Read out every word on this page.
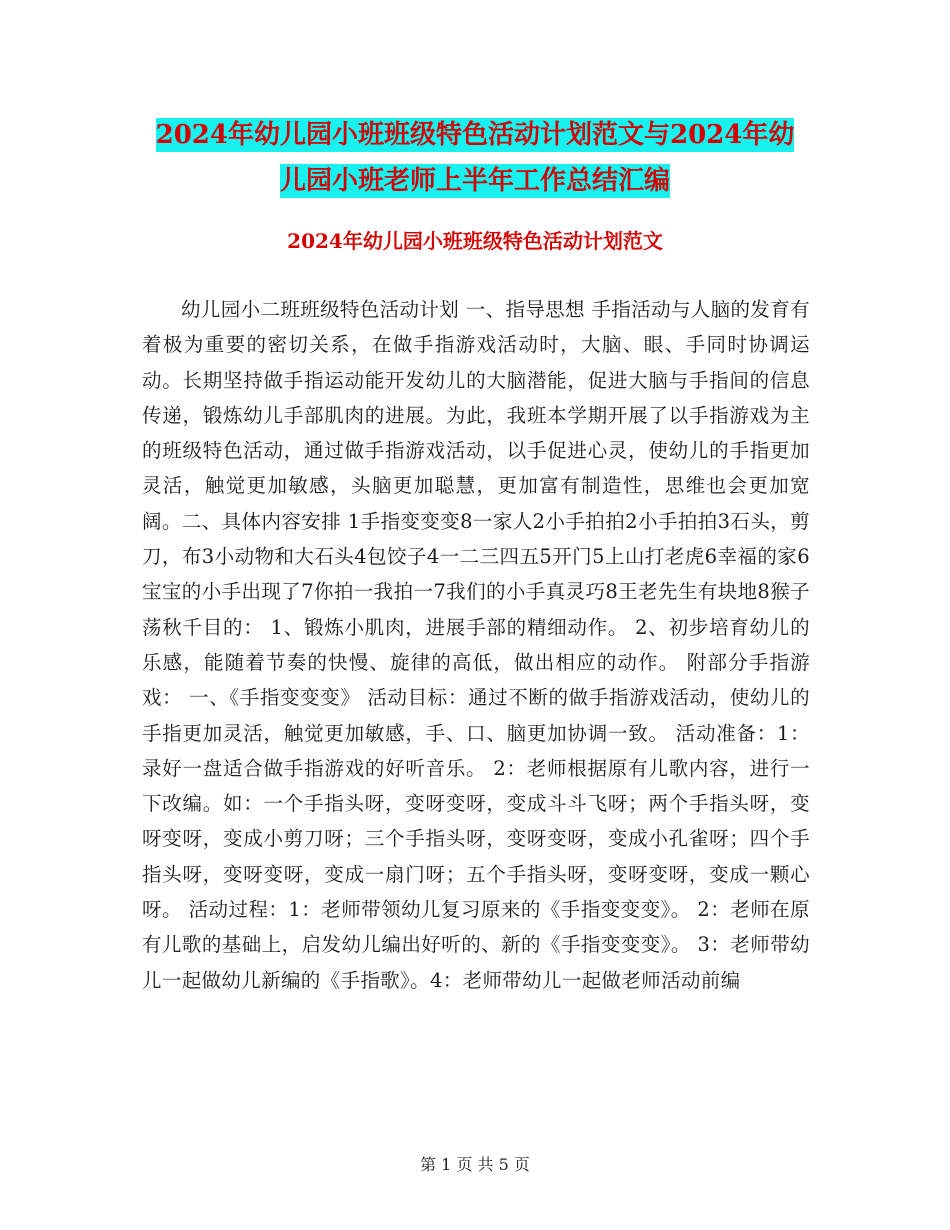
2024年幼儿园小班班级特色活动计划范文与2024年幼
儿园小班老师上半年工作总结汇编
2024年幼儿园小班班级特色活动计划范文

幼儿园小二班班级特色活动计划 一、指导思想 手指活动与人脑的发育有着极为重要的密切关系，在做手指游戏活动时，大脑、眼、手同时协调运动。长期坚持做手指运动能开发幼儿的大脑潜能，促进大脑与手指间的信息传递，锻炼幼儿手部肌肉的进展。为此，我班本学期开展了以手指游戏为主的班级特色活动，通过做手指游戏活动，以手促进心灵，使幼儿的手指更加灵活，触觉更加敏感，头脑更加聪慧，更加富有制造性，思维也会更加宽阔。二、具体内容安排 1手指变变变8一家人2小手拍拍2小手拍拍3石头，剪刀，布3小动物和大石头4包饺子4一二三四五5开门5上山打老虎6幸福的家6宝宝的小手出现了7你拍一我拍一7我们的小手真灵巧8王老先生有块地8猴子荡秋千目的： 1、锻炼小肌肉，进展手部的精细动作。 2、初步培育幼儿的乐感，能随着节奏的快慢、旋律的高低，做出相应的动作。 附部分手指游戏： 一、《手指变变变》 活动目标：通过不断的做手指游戏活动，使幼儿的手指更加灵活，触觉更加敏感，手、口、脑更加协调一致。 活动准备：1：录好一盘适合做手指游戏的好听音乐。 2：老师根据原有儿歌内容，进行一下改编。如：一个手指头呀，变呀变呀，变成斗斗飞呀；两个手指头呀，变呀变呀，变成小剪刀呀；三个手指头呀，变呀变呀，变成小孔雀呀；四个手指头呀，变呀变呀，变成一扇门呀；五个手指头呀，变呀变呀，变成一颗心呀。 活动过程：1：老师带领幼儿复习原来的《手指变变变》。 2：老师在原有儿歌的基础上，启发幼儿编出好听的、新的《手指变变变》。 3：老师带幼儿一起做幼儿新编的《手指歌》。4：老师带幼儿一起做老师活动前编

第 1 页 共 5 页
